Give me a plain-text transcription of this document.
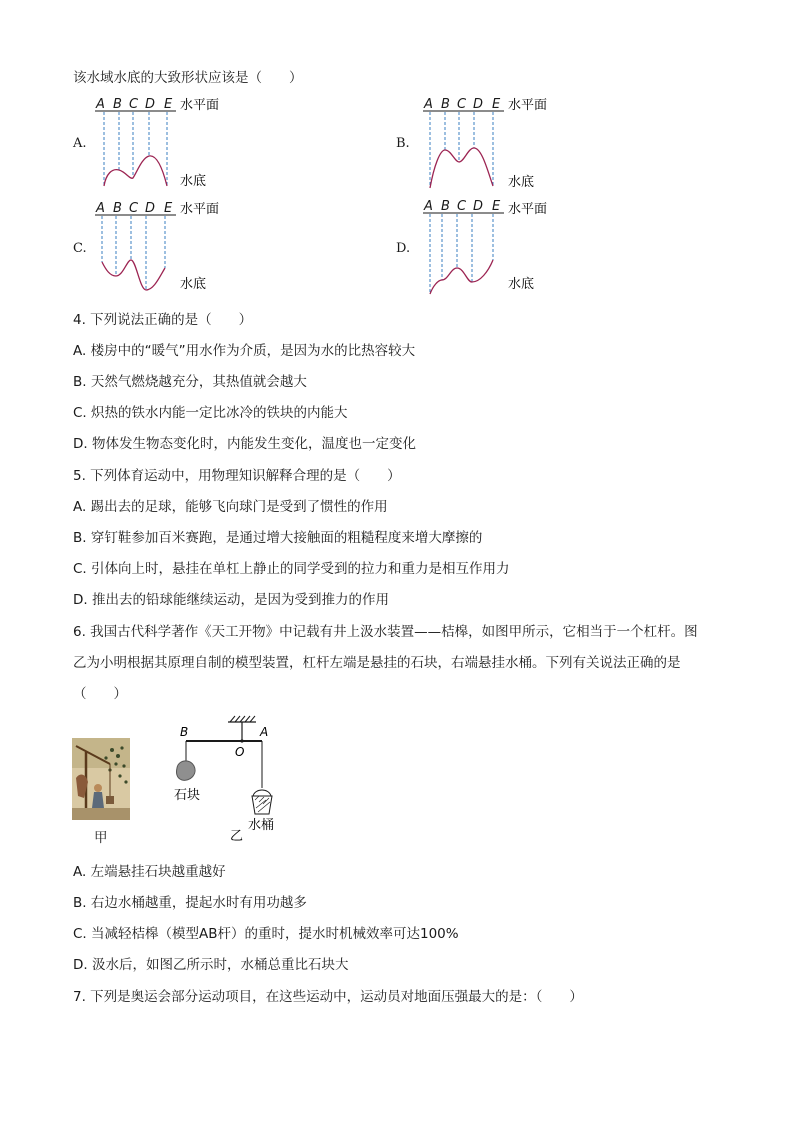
该水域水底的大致形状应该是（　　）
A.
A B C D E 水平面
水底
B.
A B C D E 水平面
水底
C.
A B C D E 水平面
水底
D.
A B C D E 水平面
水底
4. 下列说法正确的是（　　）
A. 楼房中的“暖气”用水作为介质，是因为水的比热容较大
B. 天然气燃烧越充分，其热值就会越大
C. 炽热的铁水内能一定比冰冷的铁块的内能大
D. 物体发生物态变化时，内能发生变化，温度也一定变化
5. 下列体育运动中，用物理知识解释合理的是（　　）
A. 踢出去的足球，能够飞向球门是受到了惯性的作用
B. 穿钉鞋参加百米赛跑，是通过增大接触面的粗糙程度来增大摩擦的
C. 引体向上时，悬挂在单杠上静止的同学受到的拉力和重力是相互作用力
D. 推出去的铅球能继续运动，是因为受到推力的作用
6. 我国古代科学著作《天工开物》中记载有井上汲水装置——桔槔，如图甲所示，它相当于一个杠杆。图
乙为小明根据其原理自制的模型装置，杠杆左端是悬挂的石块，右端悬挂水桶。下列有关说法正确的是
（　　）
甲
B
O
A
石块
水桶
乙
A. 左端悬挂石块越重越好
B. 右边水桶越重，提起水时有用功越多
C. 当减轻桔槔（模型AB杆）的重时，提水时机械效率可达100%
D. 汲水后，如图乙所示时，水桶总重比石块大
7. 下列是奥运会部分运动项目，在这些运动中，运动员对地面压强最大的是：（　　）
